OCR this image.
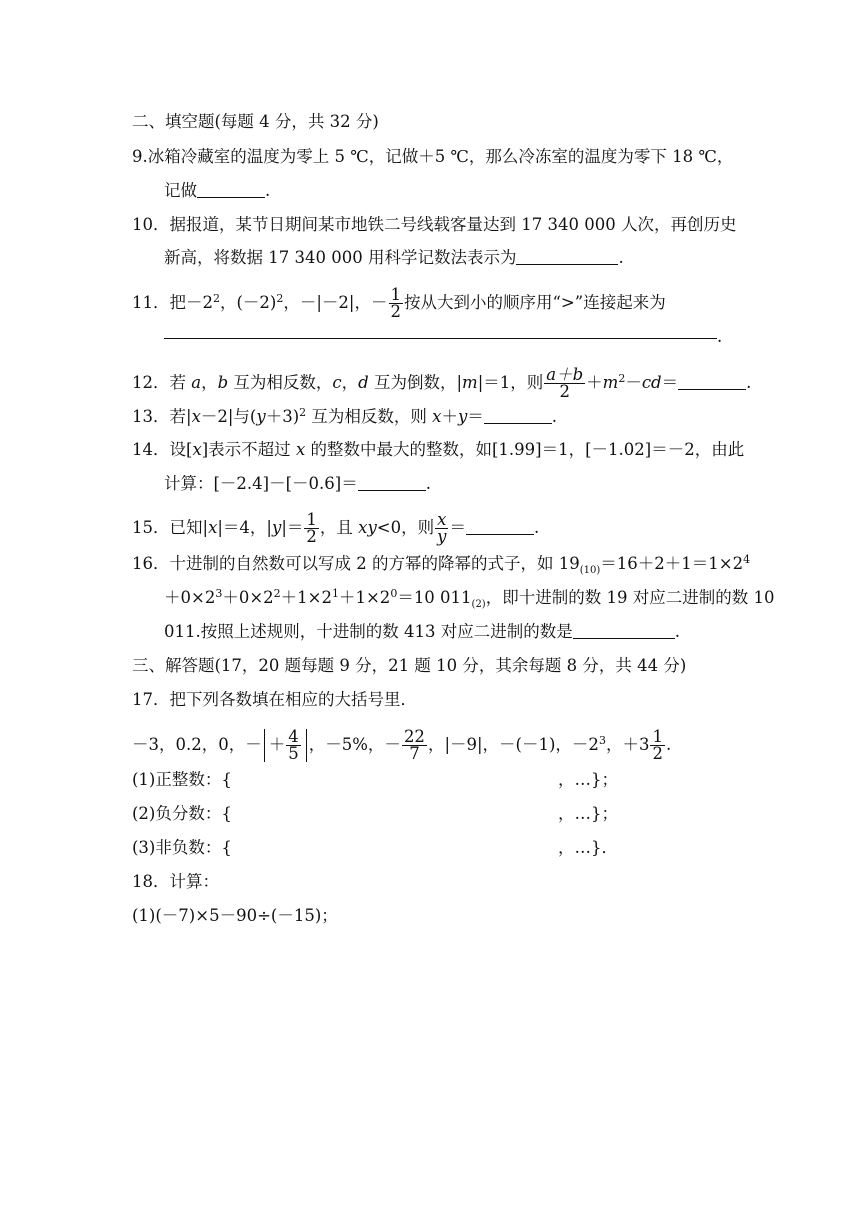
二、填空题(每题 4 分，共 32 分)
9.冰箱冷藏室的温度为零上 5 ℃，记做＋5 ℃，那么冷冻室的温度为零下 18 ℃，
记做	.
10．据报道，某节日期间某市地铁二号线载客量达到 17 340 000 人次，再创历史
新高，将数据 17 340 000 用科学记数法表示为	.
11．把$-2^2$，$(-2)^2$，－|－2|，－ $\frac{1}{2}$ 按从大到小的顺序用“>”连接起来为
.
12．若 a，b 互为相反数，c，d 互为倒数，|m|＝1，则 $\frac{a+b}{2} +m^2-cd=$	.
13．若|x－2|与$(y+3)^2$ 互为相反数，则 x＋y＝	.
14．设[x]表示不超过 x 的整数中最大的整数，如[1.99]＝1，[－1.02]＝－2，由此
计算：[－2.4]－[－0.6]＝	.
15．已知|x|＝4，$|y|= \frac{1}{2}$ ，且 xy<0，则 $\frac{x}{y}$ ＝	.
16．十进制的自然数可以写成 2 的方幂的降幂的式子，如 $19_{(10)}=16+2+1=1\times 2^4$
$+0\times 2^3+0\times 2^2+1\times 2^1+1\times 2^0=10$ $011_{(2)}$，即十进制的数 19 对应二进制的数 10
011.按照上述规则，十进制的数 413 对应二进制的数是	.
三、解答题(17，20 题每题 9 分，21 题 10 分，其余每题 8 分，共 44 分)
17．把下列各数填在相应的大括号里．
－3，0.2，0，－ ＋ $\frac{4}{5}$ ，－5%，－ $\frac{22}{7}$ ，|－9|，－(－1)，$-2^3$，$+3 \frac{1}{2}$ .
(1)正整数：{	，…}；
(2)负分数：{	，…}；
(3)非负数：{	，…}．
18．计算：
(1)(－7)×5－90÷(－15)；
